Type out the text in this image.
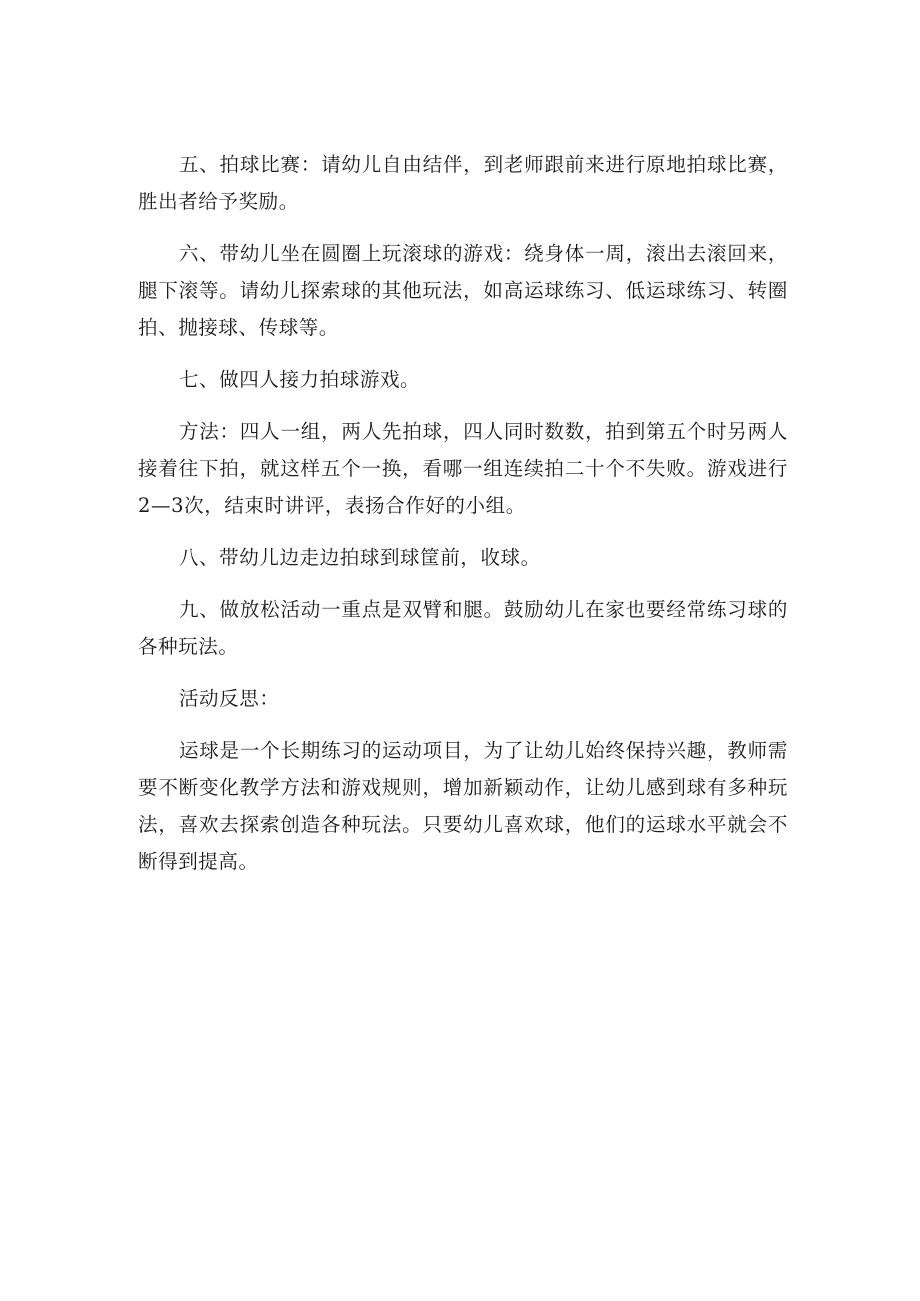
五、拍球比赛：请幼儿自由结伴，到老师跟前来进行原地拍球比赛，胜出者给予奖励。

六、带幼儿坐在圆圈上玩滚球的游戏：绕身体一周，滚出去滚回来，腿下滚等。请幼儿探索球的其他玩法，如高运球练习、低运球练习、转圈拍、抛接球、传球等。

七、做四人接力拍球游戏。

方法：四人一组，两人先拍球，四人同时数数，拍到第五个时另两人接着往下拍，就这样五个一换，看哪一组连续拍二十个不失败。游戏进行2—3次，结束时讲评，表扬合作好的小组。

八、带幼儿边走边拍球到球筐前，收球。

九、做放松活动一重点是双臂和腿。鼓励幼儿在家也要经常练习球的各种玩法。

活动反思：

运球是一个长期练习的运动项目，为了让幼儿始终保持兴趣，教师需要不断变化教学方法和游戏规则，增加新颖动作，让幼儿感到球有多种玩法，喜欢去探索创造各种玩法。只要幼儿喜欢球，他们的运球水平就会不断得到提高。
